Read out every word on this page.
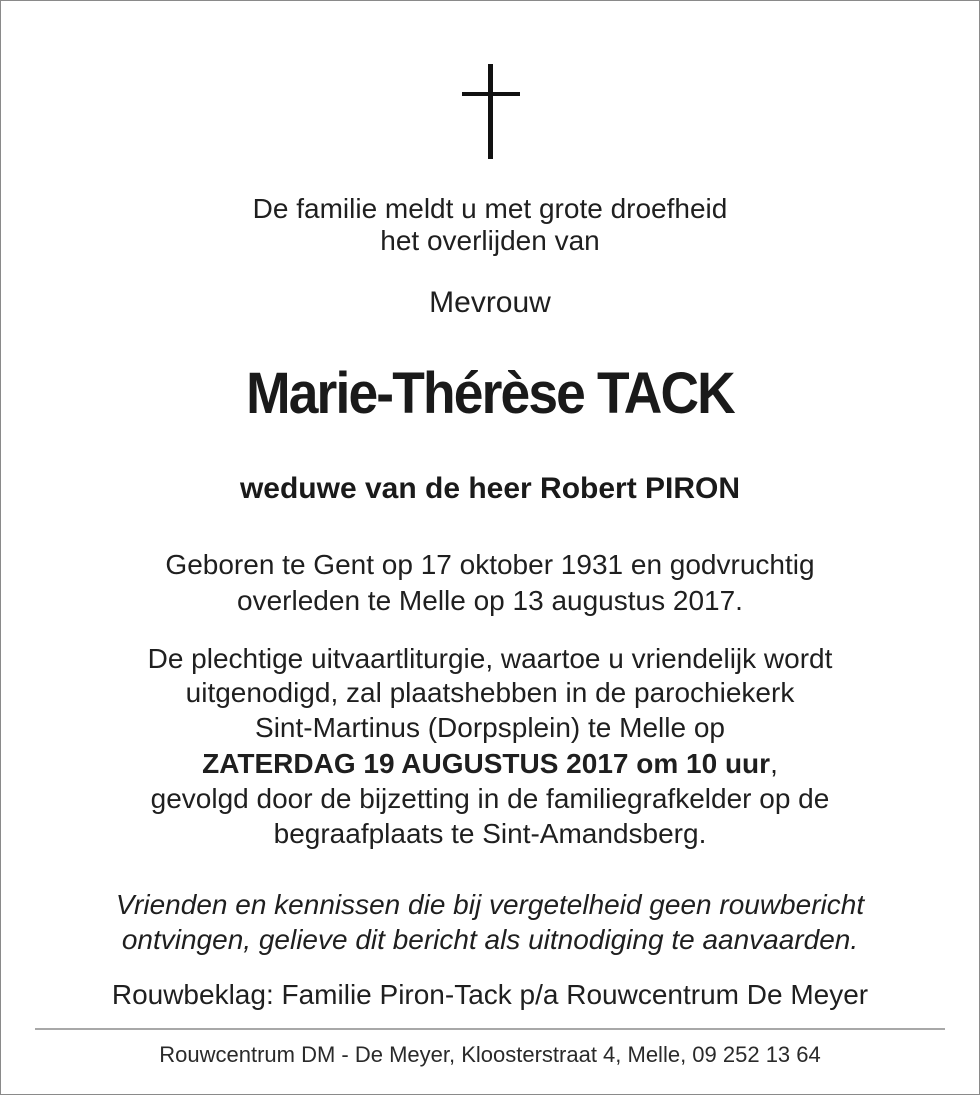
De familie meldt u met grote droefheid

het overlijden van

Mevrouw

Marie-Thérèse TACK

weduwe van de heer Robert PIRON

Geboren te Gent op 17 oktober 1931 en godvruchtig

overleden te Melle op 13 augustus 2017.

De plechtige uitvaartliturgie, waartoe u vriendelijk wordt

uitgenodigd, zal plaatshebben in de parochiekerk

Sint-Martinus (Dorpsplein) te Melle op

ZATERDAG 19 AUGUSTUS 2017 om 10 uur,

gevolgd door de bijzetting in de familiegrafkelder op de

begraafplaats te Sint-Amandsberg.

Vrienden en kennissen die bij vergetelheid geen rouwbericht

ontvingen, gelieve dit bericht als uitnodiging te aanvaarden.

Rouwbeklag: Familie Piron-Tack p/a Rouwcentrum De Meyer

Rouwcentrum DM - De Meyer, Kloosterstraat 4, Melle, 09 252 13 64
